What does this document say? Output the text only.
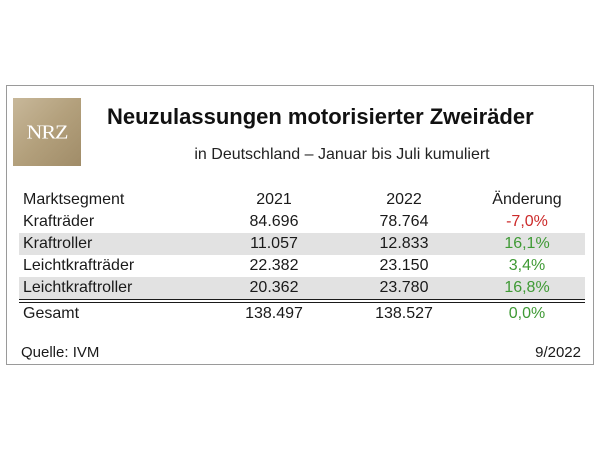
NRZ
Neuzulassungen motorisierter Zweiräder
in Deutschland – Januar bis Juli kumuliert
Marktsegment	2021	2022	Änderung
Krafträder	84.696	78.764	-7,0%
Kraftroller	11.057	12.833	16,1%
Leichtkrafträder	22.382	23.150	3,4%
Leichtkraftroller	20.362	23.780	16,8%
Gesamt	138.497	138.527	0,0%
Quelle: IVM	9/2022
